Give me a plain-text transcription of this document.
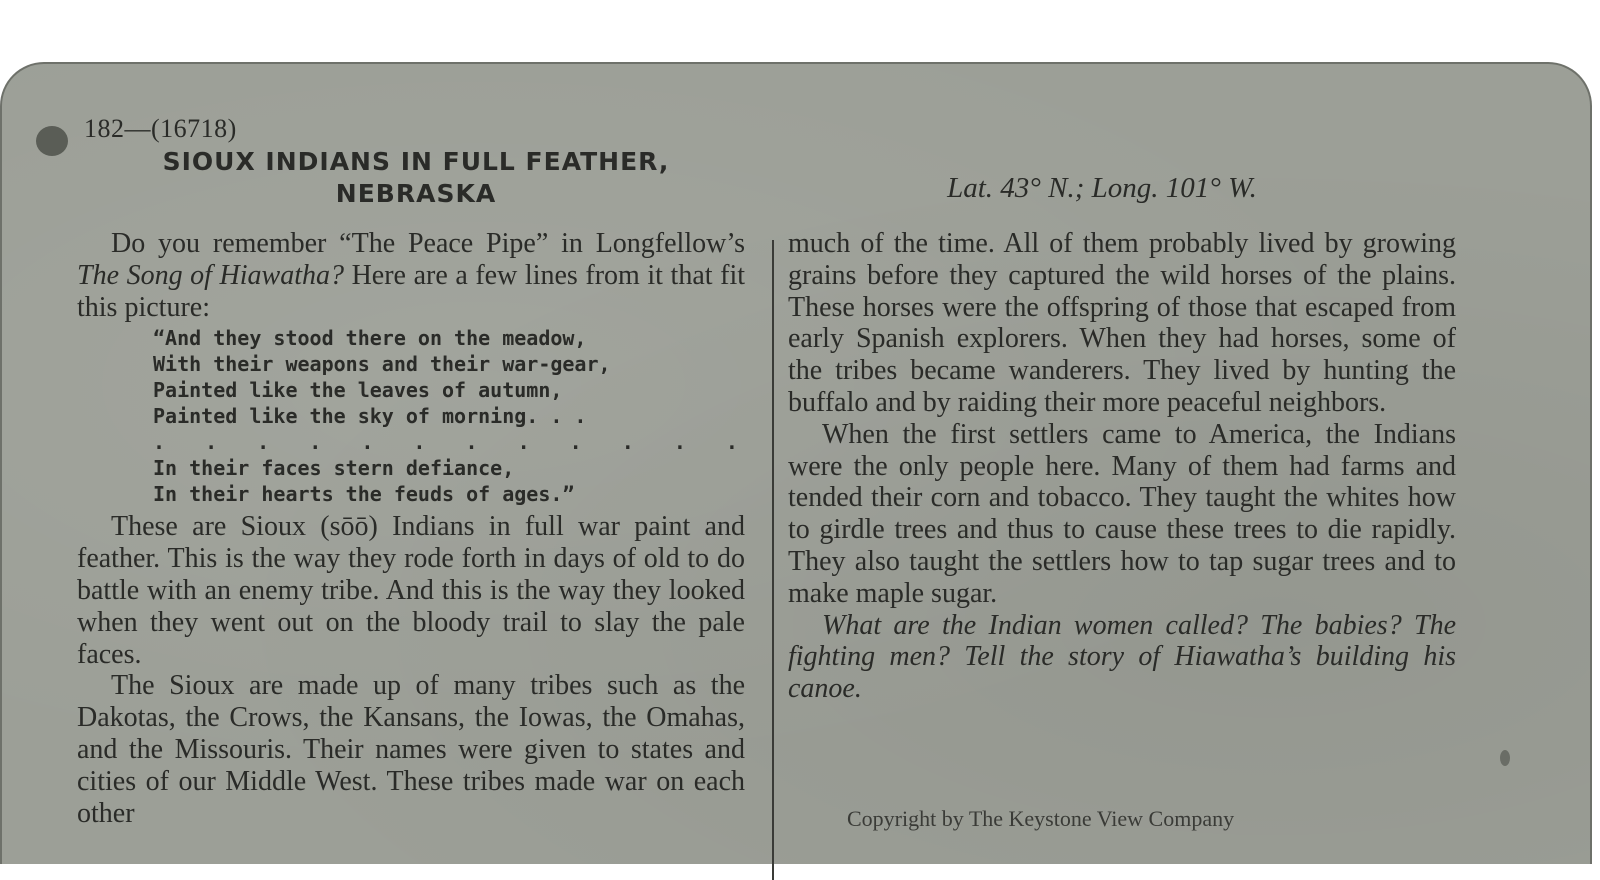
182—(16718)
SIOUX INDIANS IN FULL FEATHER,
NEBRASKA	Lat. 43° N.; Long. 101° W.

Do you remember “The Peace Pipe” in Longfellow’s The Song of Hiawatha? Here are a few lines from it that fit this picture:

“And they stood there on the meadow,
With their weapons and their war-gear,
Painted like the leaves of autumn,
Painted like the sky of morning. . .
. . . . . . . . . . . .
In their faces stern defiance,
In their hearts the feuds of ages.”

These are Sioux (sōō) Indians in full war paint and feather. This is the way they rode forth in days of old to do battle with an enemy tribe. And this is the way they looked when they went out on the bloody trail to slay the pale faces.

The Sioux are made up of many tribes such as the Dakotas, the Crows, the Kansans, the Iowas, the Omahas, and the Missouris. Their names were given to states and cities of our Middle West. These tribes made war on each other

much of the time. All of them probably lived by growing grains before they captured the wild horses of the plains. These horses were the offspring of those that escaped from early Spanish explorers. When they had horses, some of the tribes became wanderers. They lived by hunting the buffalo and by raiding their more peaceful neighbors.

When the first settlers came to America, the Indians were the only people here. Many of them had farms and tended their corn and tobacco. They taught the whites how to girdle trees and thus to cause these trees to die rapidly. They also taught the settlers how to tap sugar trees and to make maple sugar.

What are the Indian women called? The babies? The fighting men? Tell the story of Hiawatha’s building his canoe.

Copyright by The Keystone View Company
